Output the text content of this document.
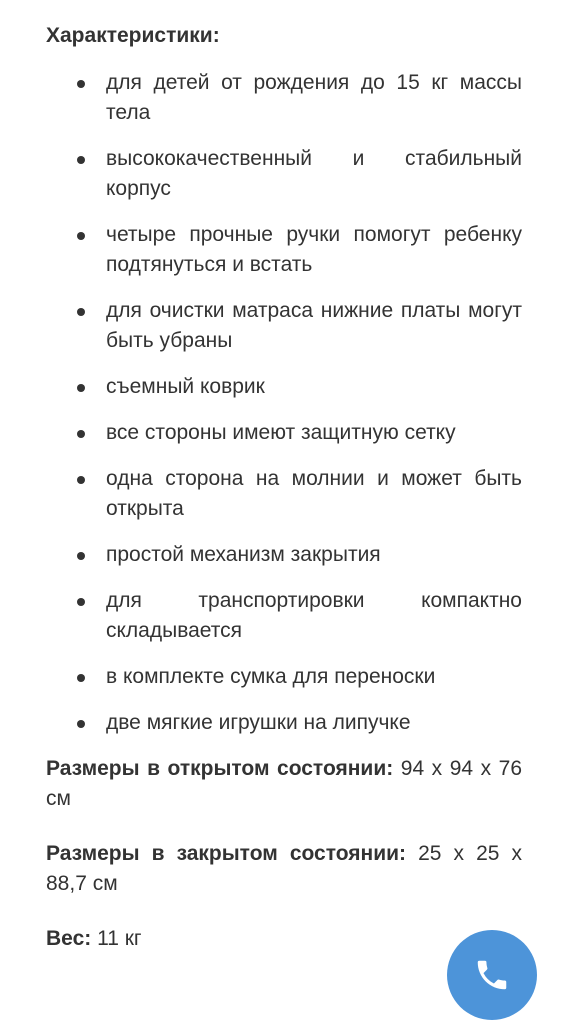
Характеристики:
для детей от рождения до 15 кг массы тела
высококачественный и стабильный корпус
четыре прочные ручки помогут ребенку подтянуться и встать
для очистки матраса нижние платы могут быть убраны
съемный коврик
все стороны имеют защитную сетку
одна сторона на молнии и может быть открыта
простой механизм закрытия
для транспортировки компактно складывается
в комплекте сумка для переноски
две мягкие игрушки на липучке

Размеры в открытом состоянии: 94 x 94 x 76 см

Размеры в закрытом состоянии: 25 x 25 x 88,7 см

Вес: 11 кг
